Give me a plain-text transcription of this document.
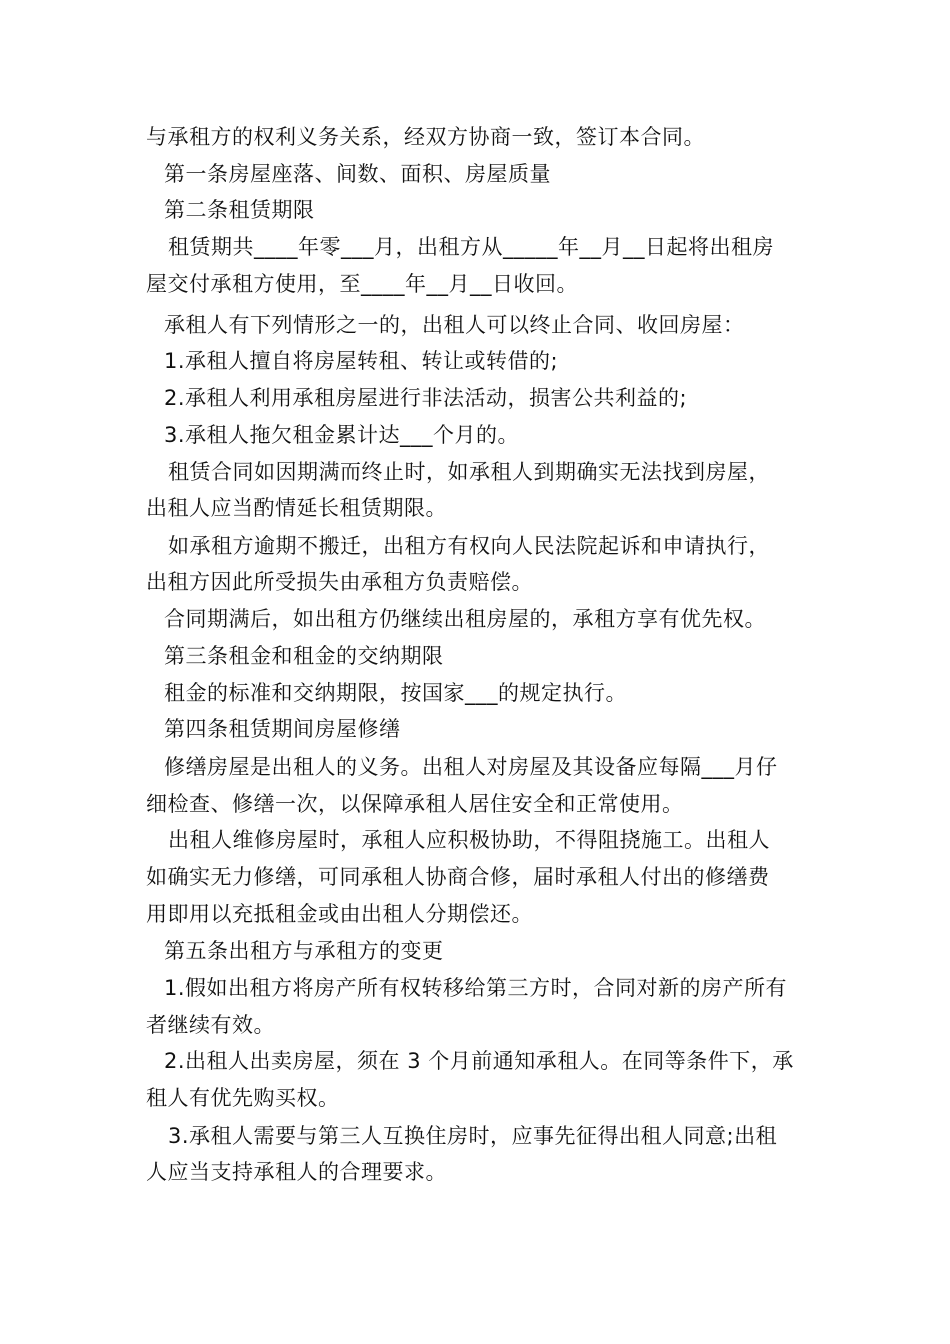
与承租方的权利义务关系，经双方协商一致，签订本合同。
第一条房屋座落、间数、面积、房屋质量
第二条租赁期限
租赁期共____年零___月，出租方从_____年__月__日起将出租房
屋交付承租方使用，至____年__月__日收回。
承租人有下列情形之一的，出租人可以终止合同、收回房屋：
1.承租人擅自将房屋转租、转让或转借的;
2.承租人利用承租房屋进行非法活动，损害公共利益的;
3.承租人拖欠租金累计达___个月的。
租赁合同如因期满而终止时，如承租人到期确实无法找到房屋，
出租人应当酌情延长租赁期限。
如承租方逾期不搬迁，出租方有权向人民法院起诉和申请执行，
出租方因此所受损失由承租方负责赔偿。
合同期满后，如出租方仍继续出租房屋的，承租方享有优先权。
第三条租金和租金的交纳期限
租金的标准和交纳期限，按国家___的规定执行。
第四条租赁期间房屋修缮
修缮房屋是出租人的义务。出租人对房屋及其设备应每隔___月仔
细检查、修缮一次，以保障承租人居住安全和正常使用。
出租人维修房屋时，承租人应积极协助，不得阻挠施工。出租人
如确实无力修缮，可同承租人协商合修，届时承租人付出的修缮费
用即用以充抵租金或由出租人分期偿还。
第五条出租方与承租方的变更
1.假如出租方将房产所有权转移给第三方时，合同对新的房产所有
者继续有效。
2.出租人出卖房屋，须在 3 个月前通知承租人。在同等条件下，承
租人有优先购买权。
3.承租人需要与第三人互换住房时，应事先征得出租人同意;出租
人应当支持承租人的合理要求。
